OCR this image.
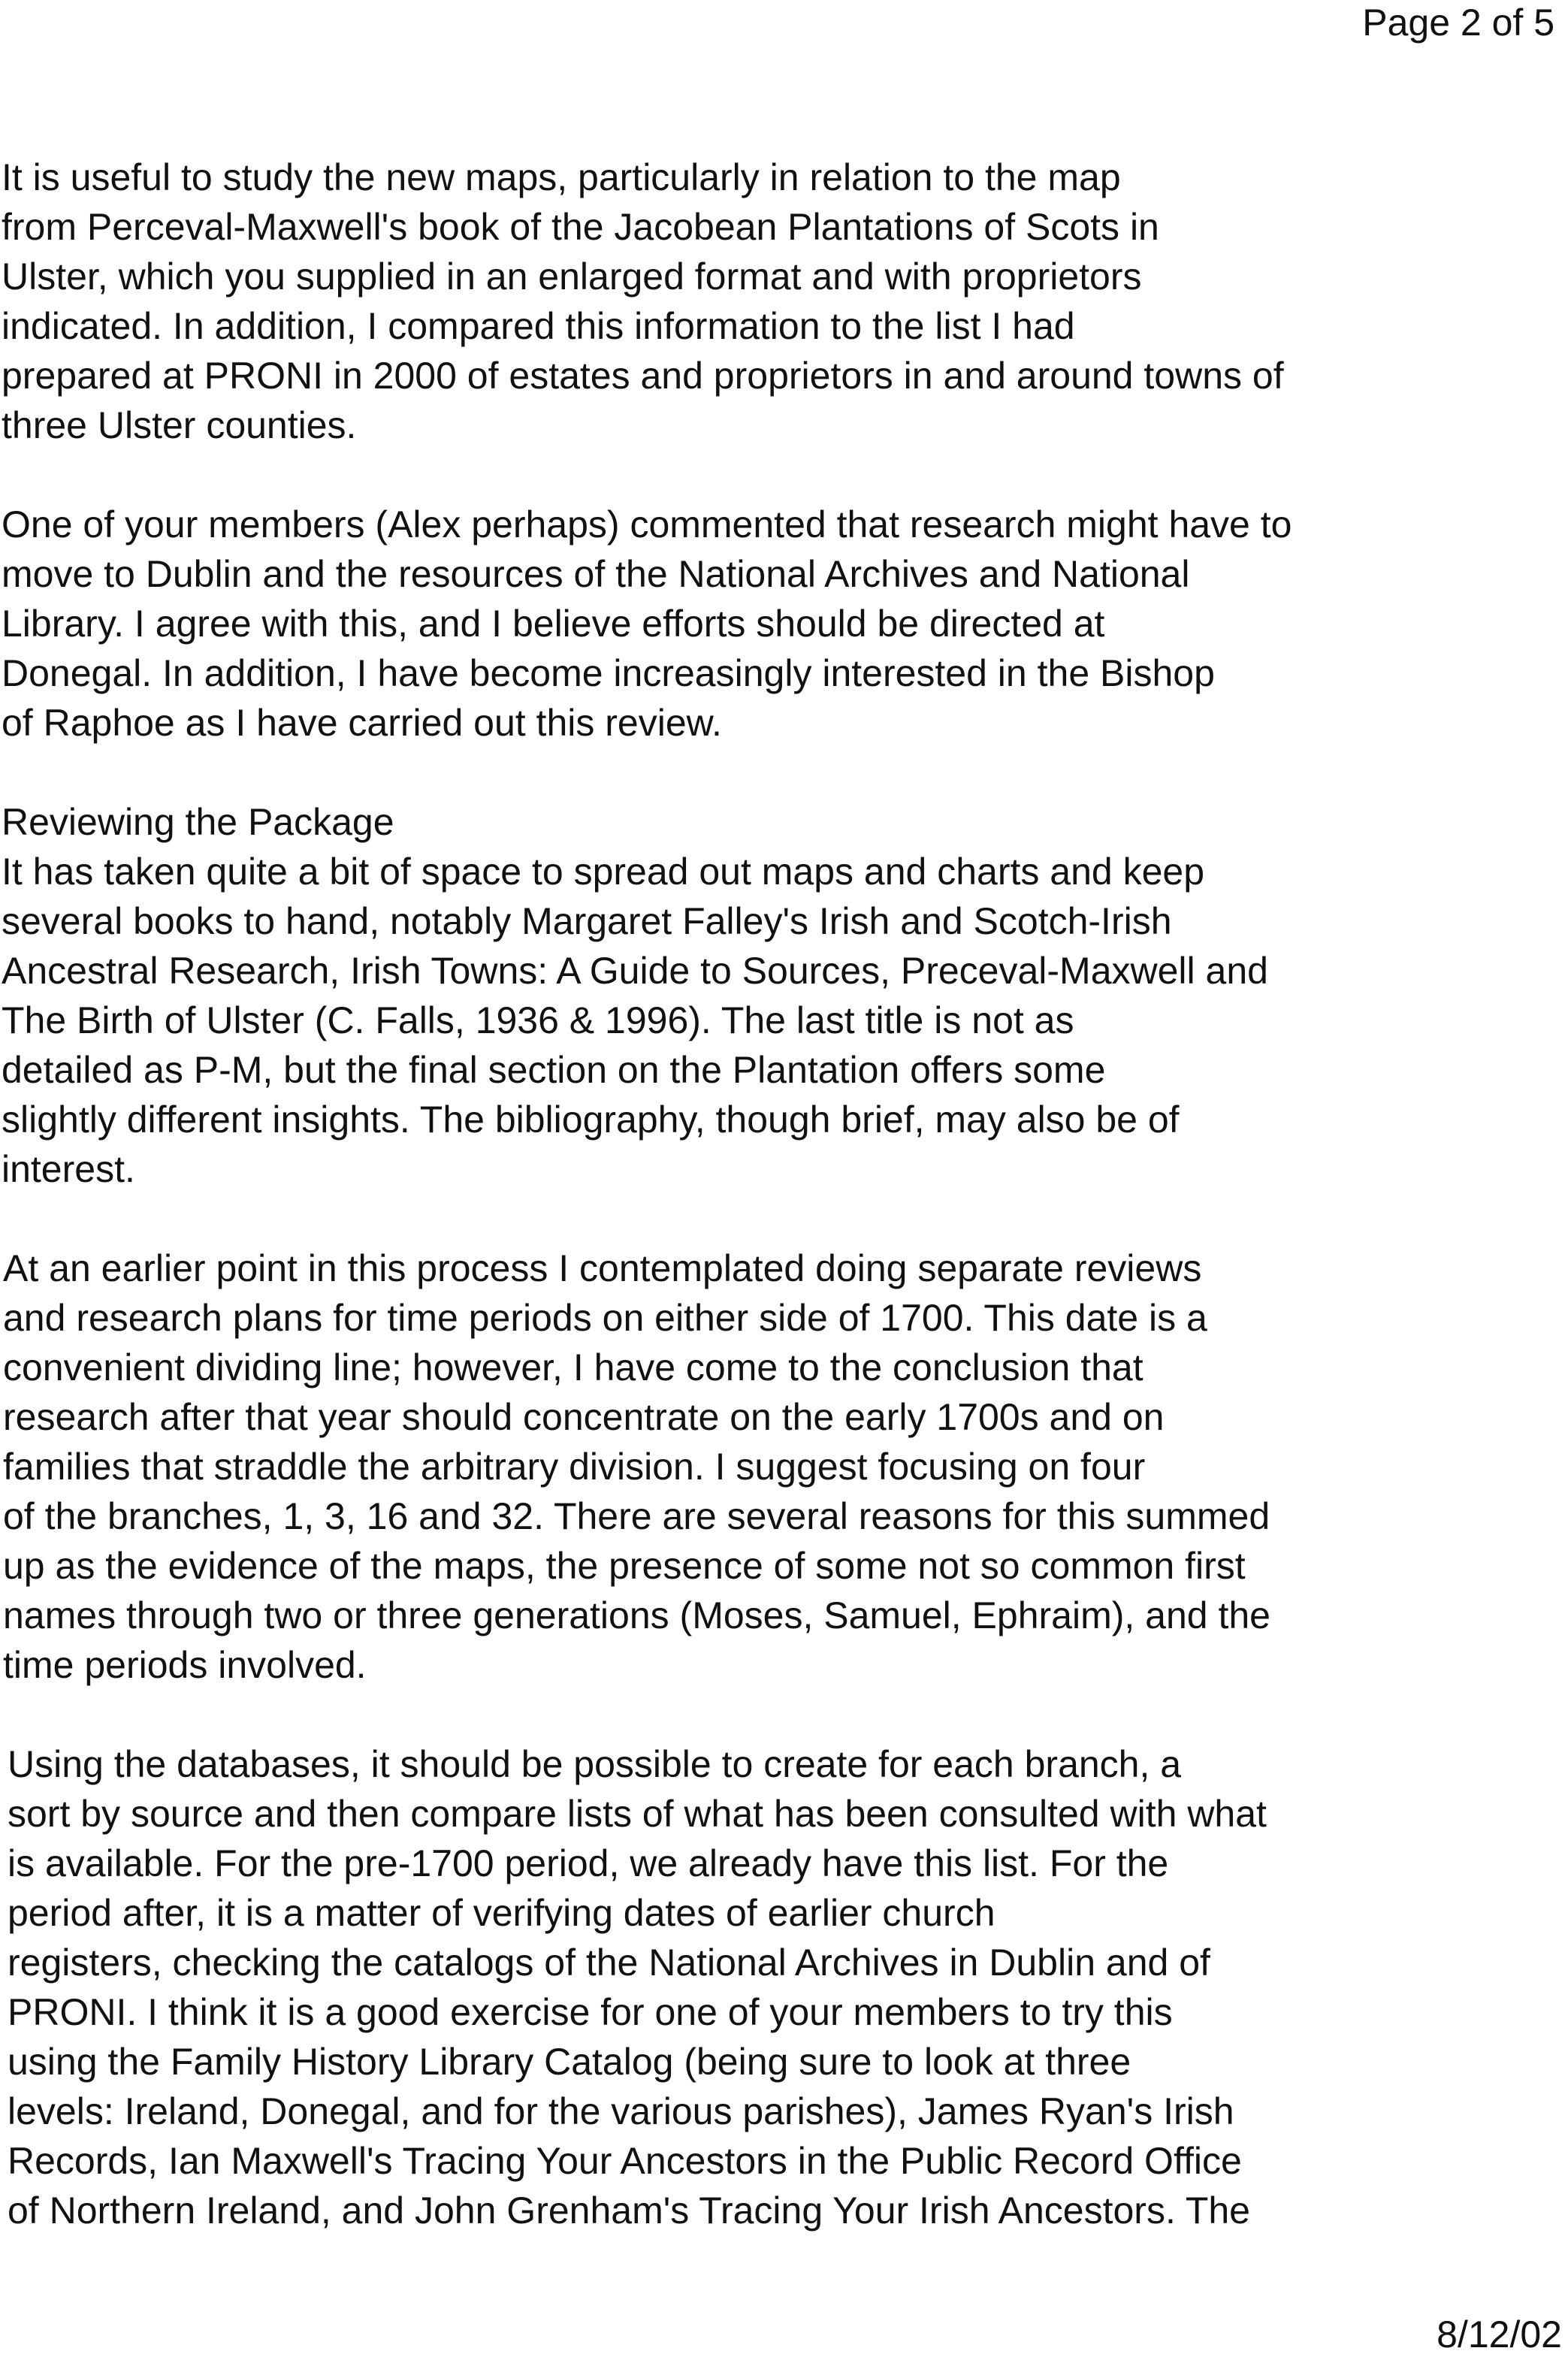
Page 2 of 5
It is useful to study the new maps, particularly in relation to the map
from Perceval-Maxwell's book of the Jacobean Plantations of Scots in
Ulster, which you supplied in an enlarged format and with proprietors
indicated. In addition, I compared this information to the list I had
prepared at PRONI in 2000 of estates and proprietors in and around towns of
three Ulster counties.
One of your members (Alex perhaps) commented that research might have to
move to Dublin and the resources of the National Archives and National
Library. I agree with this, and I believe efforts should be directed at
Donegal. In addition, I have become increasingly interested in the Bishop
of Raphoe as I have carried out this review.
Reviewing the Package
It has taken quite a bit of space to spread out maps and charts and keep
several books to hand, notably Margaret Falley's Irish and Scotch-Irish
Ancestral Research, Irish Towns: A Guide to Sources, Preceval-Maxwell and
The Birth of Ulster (C. Falls, 1936 & 1996). The last title is not as
detailed as P-M, but the final section on the Plantation offers some
slightly different insights. The bibliography, though brief, may also be of
interest.
At an earlier point in this process I contemplated doing separate reviews
and research plans for time periods on either side of 1700. This date is a
convenient dividing line; however, I have come to the conclusion that
research after that year should concentrate on the early 1700s and on
families that straddle the arbitrary division. I suggest focusing on four
of the branches, 1, 3, 16 and 32. There are several reasons for this summed
up as the evidence of the maps, the presence of some not so common first
names through two or three generations (Moses, Samuel, Ephraim), and the
time periods involved.
Using the databases, it should be possible to create for each branch, a
sort by source and then compare lists of what has been consulted with what
is available. For the pre-1700 period, we already have this list. For the
period after, it is a matter of verifying dates of earlier church
registers, checking the catalogs of the National Archives in Dublin and of
PRONI. I think it is a good exercise for one of your members to try this
using the Family History Library Catalog (being sure to look at three
levels: Ireland, Donegal, and for the various parishes), James Ryan's Irish
Records, Ian Maxwell's Tracing Your Ancestors in the Public Record Office
of Northern Ireland, and John Grenham's Tracing Your Irish Ancestors. The
8/12/02
